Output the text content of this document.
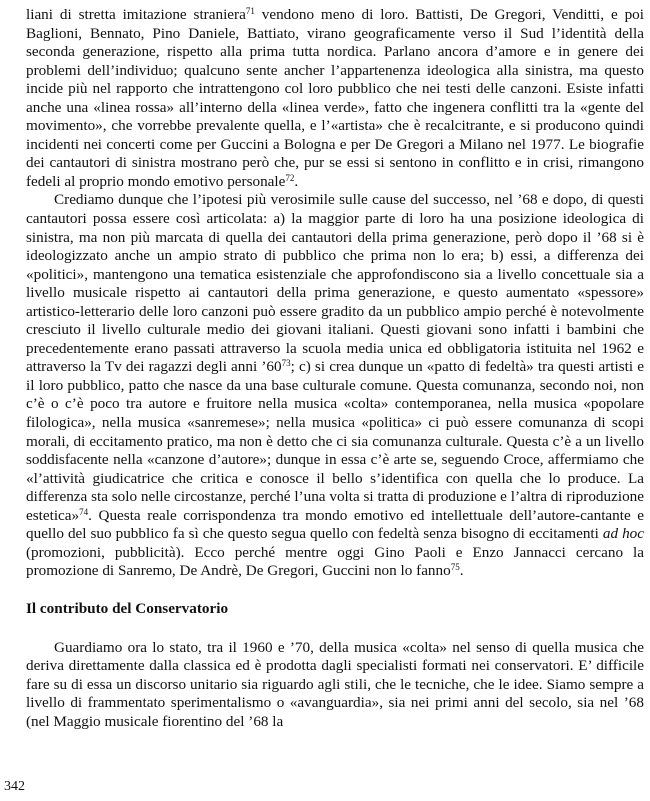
liani di stretta imitazione straniera$^{71}$ vendono meno di loro. Battisti, De Gregori, Venditti, e poi Baglioni, Bennato, Pino Daniele, Battiato, virano geograficamente verso il Sud l’identità della seconda generazione, rispetto alla prima tutta nordica. Parlano ancora d’amore e in genere dei problemi dell’individuo; qualcuno sente ancher l’appartenenza ideologica alla sinistra, ma questo incide più nel rapporto che intrattengono col loro pubblico che nei testi delle canzoni. Esiste infatti anche una «linea rossa» all’interno della «linea verde», fatto che ingenera conflitti tra la «gente del movimento», che vorrebbe prevalente quella, e l’«artista» che è recalcitrante, e si producono quindi incidenti nei concerti come per Guccini a Bologna e per De Gregori a Milano nel 1977. Le biografie dei cantautori di sinistra mostrano però che, pur se essi si sentono in conflitto e in crisi, rimangono fedeli al proprio mondo emotivo personale$^{72}$.

Crediamo dunque che l’ipotesi più verosimile sulle cause del successo, nel ’68 e dopo, di questi cantautori possa essere così articolata: a) la maggior parte di loro ha una posizione ideologica di sinistra, ma non più marcata di quella dei cantautori della prima generazione, però dopo il ’68 si è ideologizzato anche un ampio strato di pubblico che prima non lo era; b) essi, a differenza dei «politici», mantengono una tematica esistenziale che approfondiscono sia a livello concettuale sia a livello musicale rispetto ai cantautori della prima generazione, e questo aumentato «spessore» artistico-letterario delle loro canzoni può essere gradito da un pubblico ampio perché è notevolmente cresciuto il livello culturale medio dei giovani italiani. Questi giovani sono infatti i bambini che precedentemente erano passati attraverso la scuola media unica ed obbligatoria istituita nel 1962 e attraverso la Tv dei ragazzi degli anni $’60^{73}$; c) si crea dunque un «patto di fedeltà» tra questi artisti e il loro pubblico, patto che nasce da una base culturale comune. Questa comunanza, secondo noi, non c’è o c’è poco tra autore e fruitore nella musica «colta» contemporanea, nella musica «popolare filologica», nella musica «sanremese»; nella musica «politica» ci può essere comunanza di scopi morali, di eccitamento pratico, ma non è detto che ci sia comunanza culturale. Questa c’è a un livello soddisfacente nella «canzone d’autore»; dunque in essa c’è arte se, seguendo Croce, affermiamo che «l’attività giudicatrice che critica e conosce il bello s’identifica con quella che lo produce. La differenza sta solo nelle circostanze, perché l’una volta si tratta di produzione e l’altra di riproduzione estetica»$^{74}$. Questa reale corrispondenza tra mondo emotivo ed intellettuale dell’autore-cantante e quello del suo pubblico fa sì che questo segua quello con fedeltà senza bisogno di eccitamenti ad hoc (promozioni, pubblicità). Ecco perché mentre oggi Gino Paoli e Enzo Jannacci cercano la promozione di Sanremo, De Andrè, De Gregori, Guccini non lo fanno$^{75}$.

Il contributo del Conservatorio

Guardiamo ora lo stato, tra il 1960 e ’70, della musica «colta» nel senso di quella musica che deriva direttamente dalla classica ed è prodotta dagli specialisti formati nei conservatori. E’ difficile fare su di essa un discorso unitario sia riguardo agli stili, che le tecniche, che le idee. Siamo sempre a livello di frammentato sperimentalismo o «avanguardia», sia nei primi anni del secolo, sia nel ’68 (nel Maggio musicale fiorentino del ’68 la

342
